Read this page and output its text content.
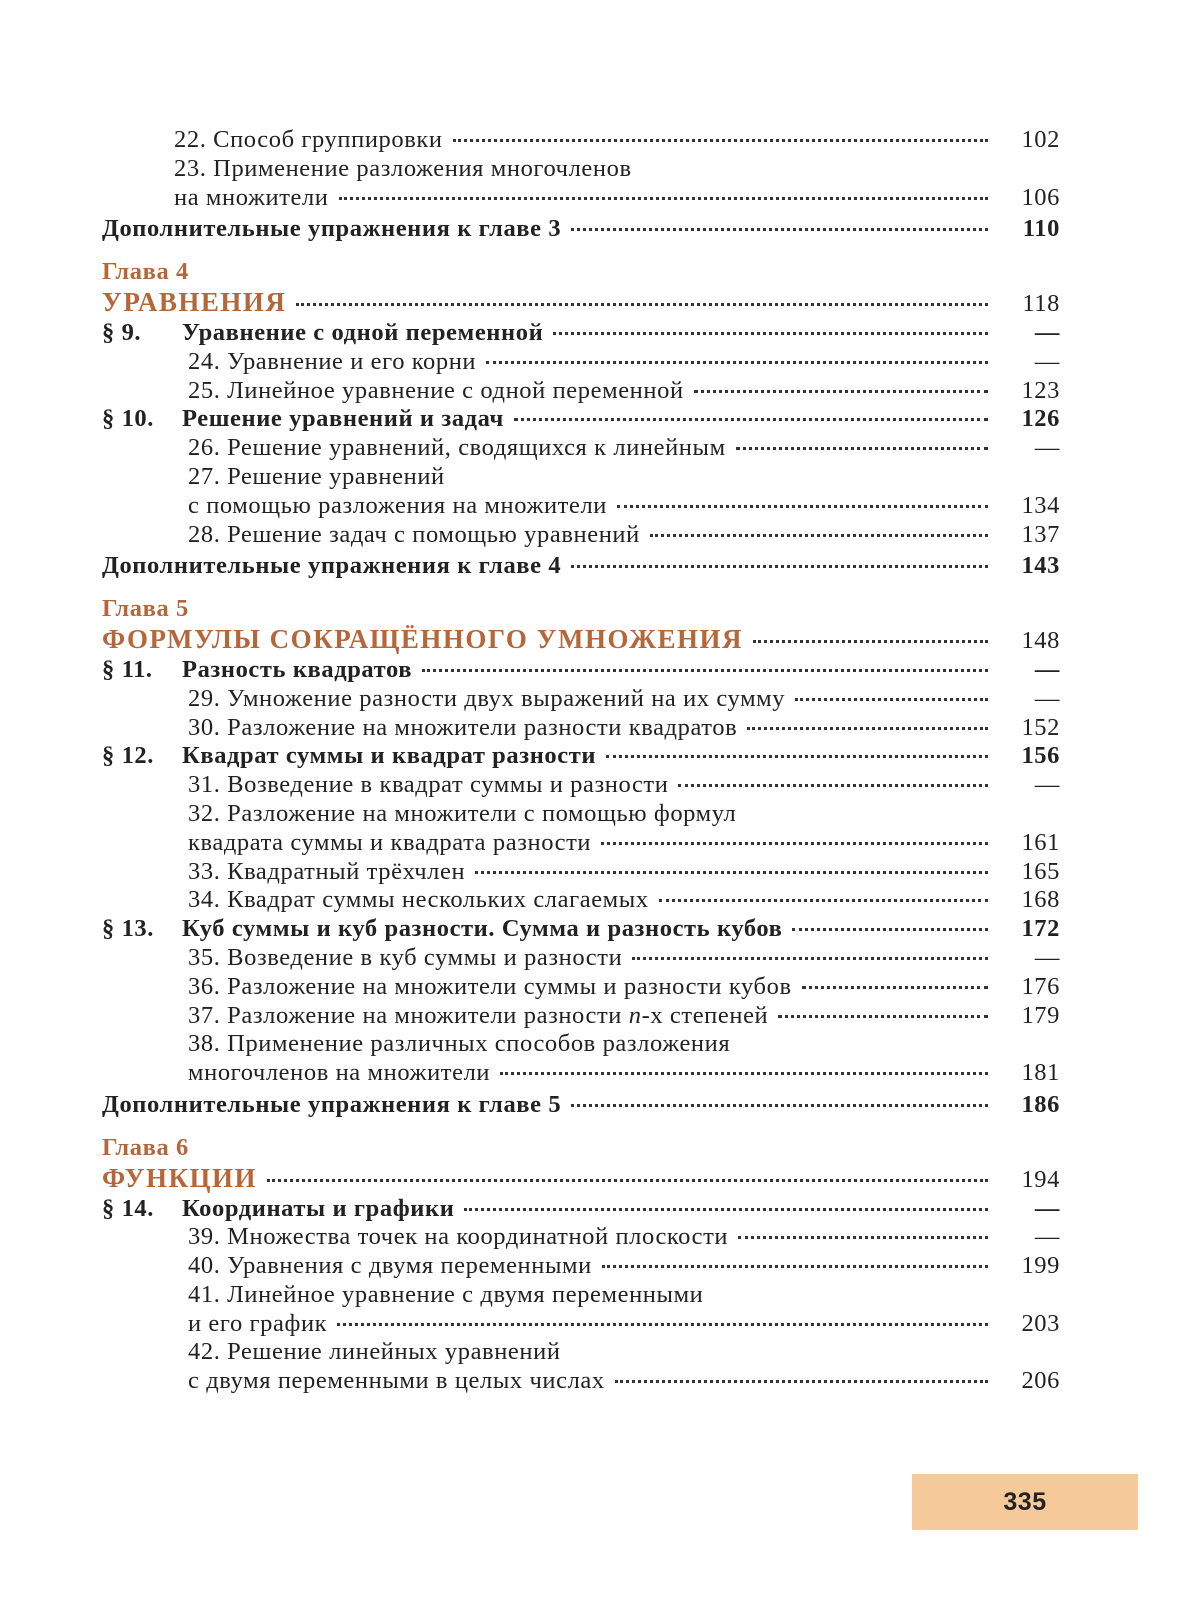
22. Способ группировки	102
23. Применение разложения многочленов
на множители	106
Дополнительные упражнения к главе 3	110
Глава 4
УРАВНЕНИЯ	118
§ 9.	Уравнение с одной переменной	—
24. Уравнение и его корни	—
25. Линейное уравнение с одной переменной	123
§ 10.	Решение уравнений и задач	126
26. Решение уравнений, сводящихся к линейным	—
27. Решение уравнений
с помощью разложения на множители	134
28. Решение задач с помощью уравнений	137
Дополнительные упражнения к главе 4	143
Глава 5
ФОРМУЛЫ СОКРАЩЁННОГО УМНОЖЕНИЯ	148
§ 11.	Разность квадратов	—
29. Умножение разности двух выражений на их сумму	—
30. Разложение на множители разности квадратов	152
§ 12.	Квадрат суммы и квадрат разности	156
31. Возведение в квадрат суммы и разности	—
32. Разложение на множители с помощью формул
квадрата суммы и квадрата разности	161
33. Квадратный трёхчлен	165
34. Квадрат суммы нескольких слагаемых	168
§ 13.	Куб суммы и куб разности. Сумма и разность кубов	172
35. Возведение в куб суммы и разности	—
36. Разложение на множители суммы и разности кубов	176
37. Разложение на множители разности n-х степеней	179
38. Применение различных способов разложения
многочленов на множители	181
Дополнительные упражнения к главе 5	186
Глава 6
ФУНКЦИИ	194
§ 14.	Координаты и графики	—
39. Множества точек на координатной плоскости	—
40. Уравнения с двумя переменными	199
41. Линейное уравнение с двумя переменными
и его график	203
42. Решение линейных уравнений
с двумя переменными в целых числах	206
335
